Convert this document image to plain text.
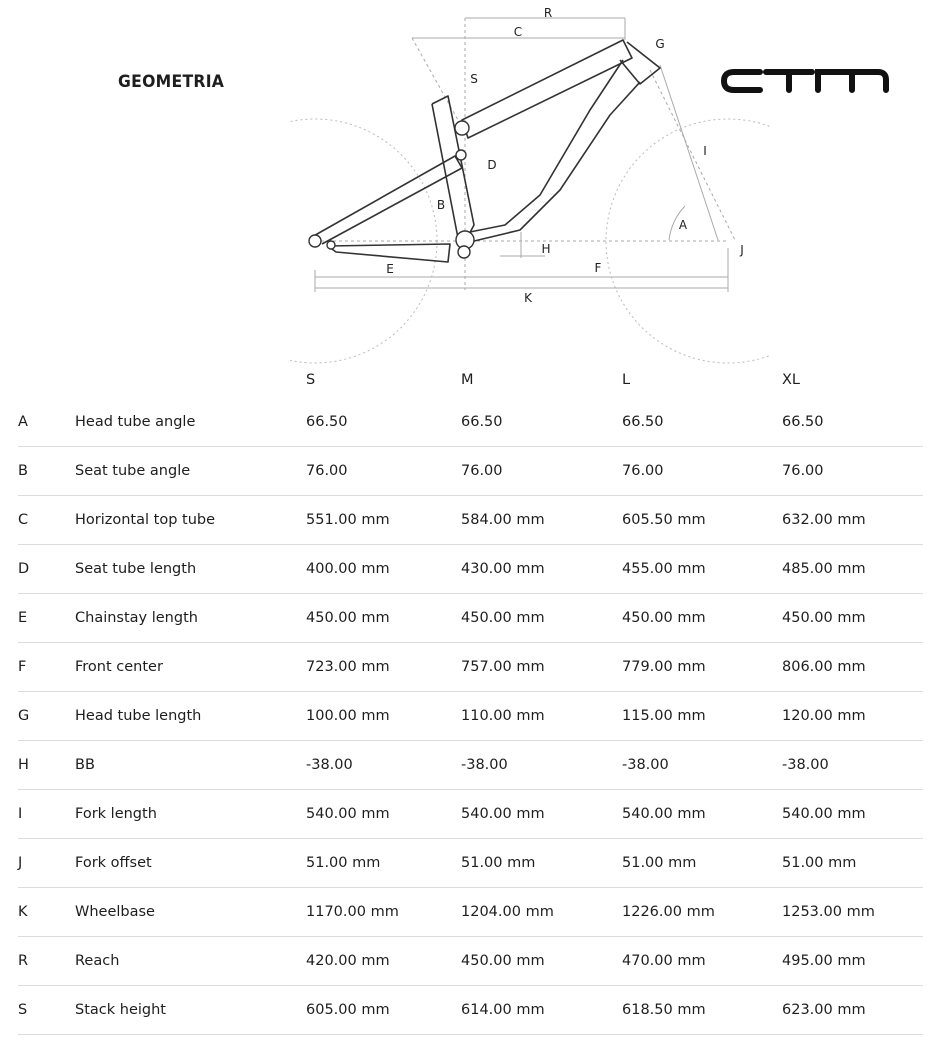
GEOMETRIA
R
C
G
S
I
D
B
A
H	J
E	F
K
		S	M	L	XL
A	Head tube angle	66.50	66.50	66.50	66.50
B	Seat tube angle	76.00	76.00	76.00	76.00
C	Horizontal top tube	551.00 mm	584.00 mm	605.50 mm	632.00 mm
D	Seat tube length	400.00 mm	430.00 mm	455.00 mm	485.00 mm
E	Chainstay length	450.00 mm	450.00 mm	450.00 mm	450.00 mm
F	Front center	723.00 mm	757.00 mm	779.00 mm	806.00 mm
G	Head tube length	100.00 mm	110.00 mm	115.00 mm	120.00 mm
H	BB	-38.00	-38.00	-38.00	-38.00
I	Fork length	540.00 mm	540.00 mm	540.00 mm	540.00 mm
J	Fork offset	51.00 mm	51.00 mm	51.00 mm	51.00 mm
K	Wheelbase	1170.00 mm	1204.00 mm	1226.00 mm	1253.00 mm
R	Reach	420.00 mm	450.00 mm	470.00 mm	495.00 mm
S	Stack height	605.00 mm	614.00 mm	618.50 mm	623.00 mm
